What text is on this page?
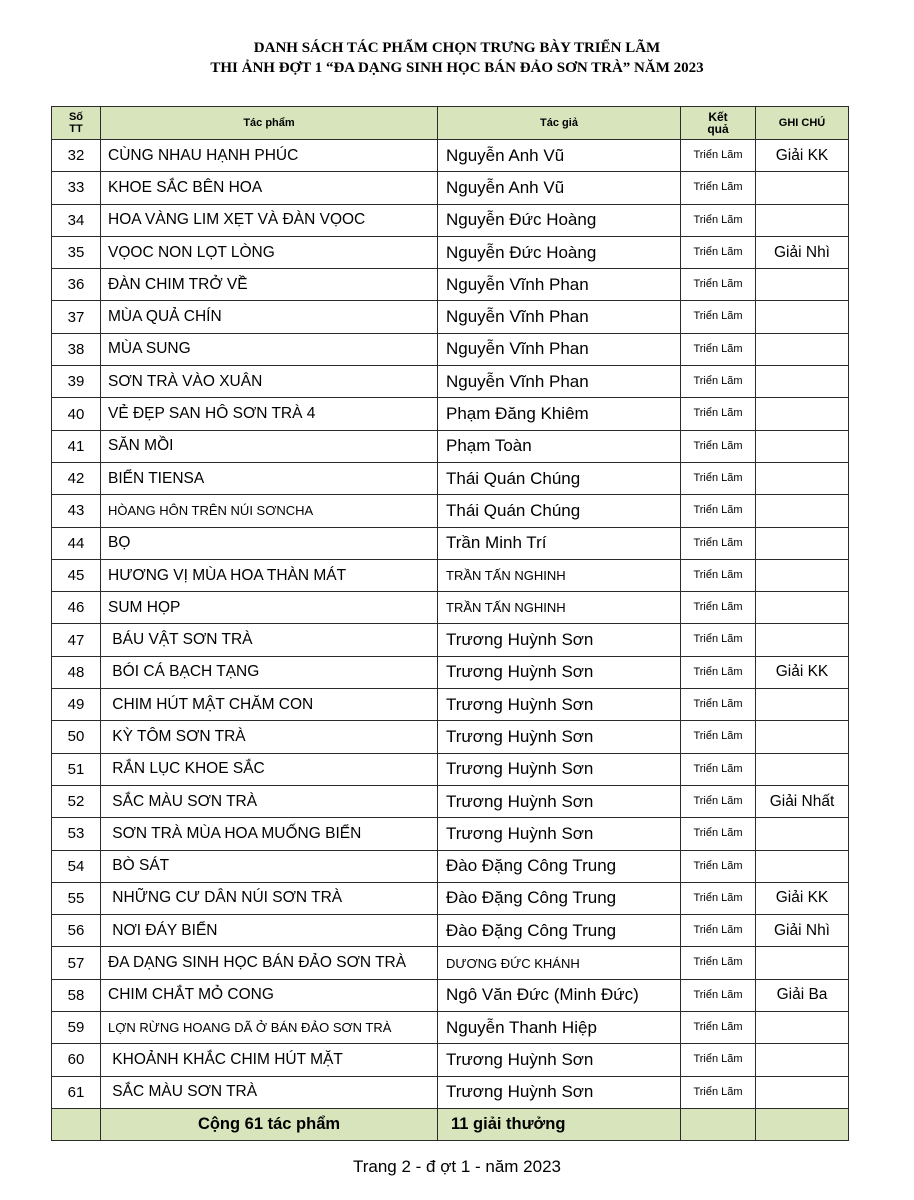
DANH SÁCH TÁC PHẨM CHỌN TRƯNG BÀY TRIỂN LÃM
THI ẢNH ĐỢT 1 “ĐA DẠNG SINH HỌC BÁN ĐẢO SƠN TRÀ” NĂM 2023
Số TT	Tác phẩm	Tác giả	Kết quả	GHI CHÚ
32	CÙNG NHAU HẠNH PHÚC	Nguyễn Anh Vũ	Triển Lãm	Giải KK
33	KHOE SẮC BÊN HOA	Nguyễn Anh Vũ	Triển Lãm	
34	HOA VÀNG LIM XẸT VÀ ĐÀN VỌOC	Nguyễn Đức Hoàng	Triển Lãm	
35	VỌOC NON LỌT LÒNG	Nguyễn Đức Hoàng	Triển Lãm	Giải Nhì
36	ĐÀN CHIM TRỞ VỀ	Nguyễn Vĩnh Phan	Triển Lãm	
37	MÙA QUẢ CHÍN	Nguyễn Vĩnh Phan	Triển Lãm	
38	MÙA SUNG	Nguyễn Vĩnh Phan	Triển Lãm	
39	SƠN TRÀ VÀO XUÂN	Nguyễn Vĩnh Phan	Triển Lãm	
40	VẺ ĐẸP SAN HÔ SƠN TRÀ 4	Phạm Đăng Khiêm	Triển Lãm	
41	SĂN MỒI	Phạm Toàn	Triển Lãm	
42	BIỂN TIENSA	Thái Quán Chúng	Triển Lãm	
43	HÒANG HÔN TRÊN NÚI SƠNCHA	Thái Quán Chúng	Triển Lãm	
44	BỌ	Trần Minh Trí	Triển Lãm	
45	HƯƠNG VỊ MÙA HOA THÀN MÁT	TRẦN TẤN NGHINH	Triển Lãm	
46	SUM HỌP	TRẦN TẤN NGHINH	Triển Lãm	
47	BÁU VẬT SƠN TRÀ	Trương Huỳnh Sơn	Triển Lãm	
48	BÓI CÁ BẠCH TẠNG	Trương Huỳnh Sơn	Triển Lãm	Giải KK
49	CHIM HÚT MẬT CHĂM CON	Trương Huỳnh Sơn	Triển Lãm	
50	KỲ TÔM SƠN TRÀ	Trương Huỳnh Sơn	Triển Lãm	
51	RẮN LỤC KHOE SẮC	Trương Huỳnh Sơn	Triển Lãm	
52	SẮC MÀU SƠN TRÀ	Trương Huỳnh Sơn	Triển Lãm	Giải Nhất
53	SƠN TRÀ MÙA HOA MUỐNG BIỂN	Trương Huỳnh Sơn	Triển Lãm	
54	BÒ SÁT	Đào Đặng Công Trung	Triển Lãm	
55	NHỮNG CƯ DÂN NÚI SƠN TRÀ	Đào Đặng Công Trung	Triển Lãm	Giải KK
56	NƠI ĐÁY BIỂN	Đào Đặng Công Trung	Triển Lãm	Giải Nhì
57	ĐA DẠNG SINH HỌC BÁN ĐẢO SƠN TRÀ	DƯƠNG ĐỨC KHÁNH	Triển Lãm	
58	CHIM CHẮT MỎ CONG	Ngô Văn Đức (Minh Đức)	Triển Lãm	Giải Ba
59	LỢN RỪNG HOANG DÃ Ở BÁN ĐẢO SƠN TRÀ	Nguyễn Thanh Hiệp	Triển Lãm	
60	KHOẢNH KHẮC CHIM HÚT MẶT	Trương Huỳnh Sơn	Triển Lãm	
61	SẮC MÀU SƠN TRÀ	Trương Huỳnh Sơn	Triển Lãm	
	Cộng 61 tác phẩm	11 giải thưởng		
Trang 2 - đ ợt 1 - năm 2023
